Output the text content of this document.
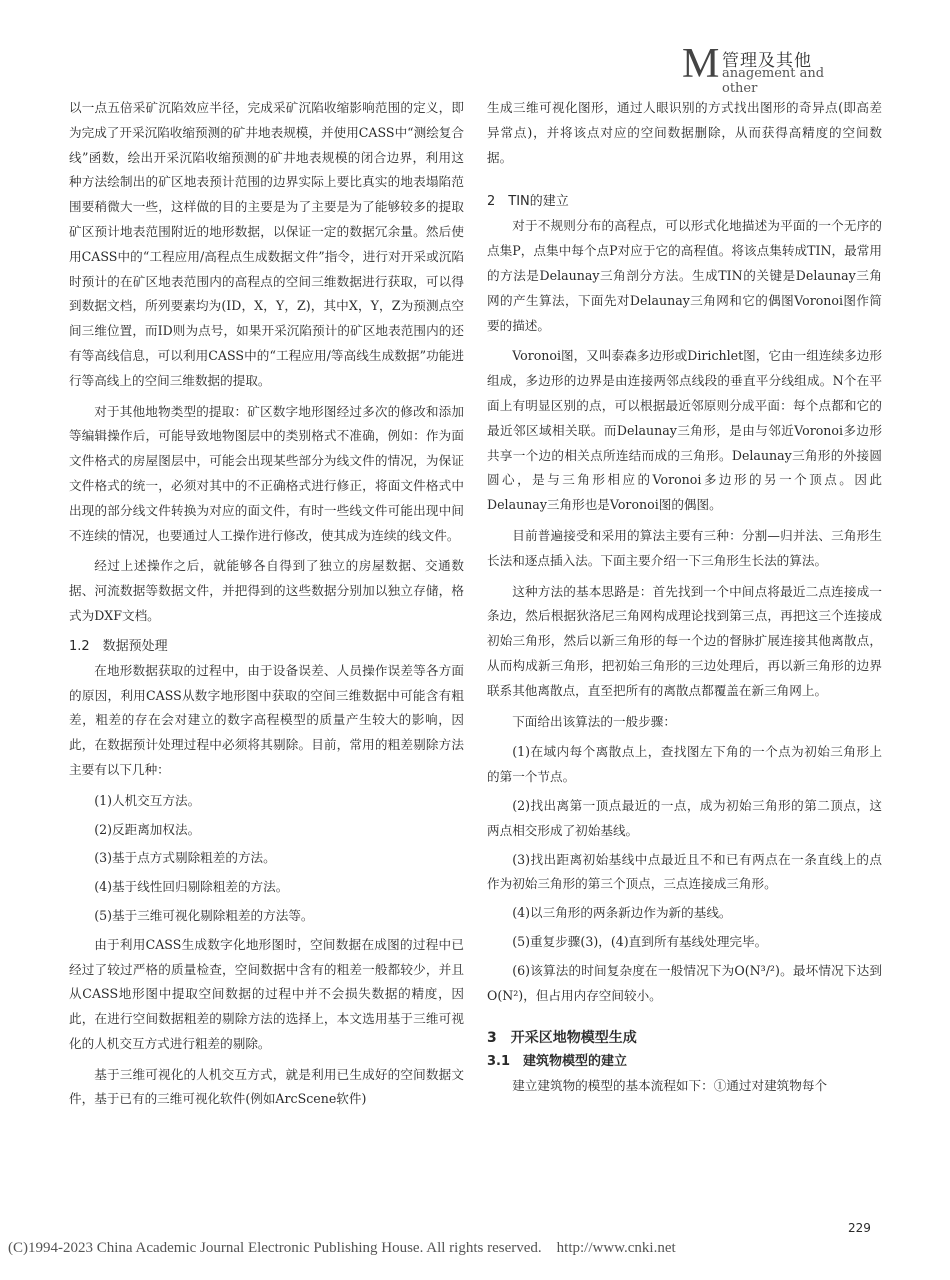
M 管理及其他
anagement and other

以一点五倍采矿沉陷效应半径，完成采矿沉陷收缩影响范围的定义，即为完成了开采沉陷收缩预测的矿井地表规模，并使用CASS中“测绘复合线”函数，绘出开采沉陷收缩预测的矿井地表规模的闭合边界，利用这种方法绘制出的矿区地表预计范围的边界实际上要比真实的地表塌陷范围要稍微大一些，这样做的目的主要是为了主要是为了能够较多的提取矿区预计地表范围附近的地形数据，以保证一定的数据冗余量。然后使用CASS中的“工程应用/高程点生成数据文件”指令，进行对开采或沉陷时预计的在矿区地表范围内的高程点的空间三维数据进行获取，可以得到数据文档，所列要素均为(ID，X，Y，Z)，其中X，Y，Z为预测点空间三维位置，而ID则为点号，如果开采沉陷预计的矿区地表范围内的还有等高线信息，可以利用CASS中的“工程应用/等高线生成数据”功能进行等高线上的空间三维数据的提取。

对于其他地物类型的提取：矿区数字地形图经过多次的修改和添加等编辑操作后，可能导致地物图层中的类别格式不准确，例如：作为面文件格式的房屋图层中，可能会出现某些部分为线文件的情况，为保证文件格式的统一，必须对其中的不正确格式进行修正，将面文件格式中出现的部分线文件转换为对应的面文件，有时一些线文件可能出现中间不连续的情况，也要通过人工操作进行修改，使其成为连续的线文件。

经过上述操作之后，就能够各自得到了独立的房屋数据、交通数据、河流数据等数据文件，并把得到的这些数据分别加以独立存储，格式为DXF文档。

1.2　数据预处理

在地形数据获取的过程中，由于设备误差、人员操作误差等各方面的原因，利用CASS从数字地形图中获取的空间三维数据中可能含有粗差，粗差的存在会对建立的数字高程模型的质量产生较大的影响，因此，在数据预计处理过程中必须将其剔除。目前，常用的粗差剔除方法主要有以下几种：

(1)人机交互方法。

(2)反距离加权法。

(3)基于点方式剔除粗差的方法。

(4)基于线性回归剔除粗差的方法。

(5)基于三维可视化剔除粗差的方法等。

由于利用CASS生成数字化地形图时，空间数据在成图的过程中已经过了较过严格的质量检查，空间数据中含有的粗差一般都较少，并且从CASS地形图中提取空间数据的过程中并不会损失数据的精度，因此，在进行空间数据粗差的剔除方法的选择上，本文选用基于三维可视化的人机交互方式进行粗差的剔除。

基于三维可视化的人机交互方式，就是利用已生成好的空间数据文件，基于已有的三维可视化软件(例如ArcScene软件)

生成三维可视化图形，通过人眼识别的方式找出图形的奇异点(即高差异常点)，并将该点对应的空间数据删除，从而获得高精度的空间数据。

2　TIN的建立

对于不规则分布的高程点，可以形式化地描述为平面的一个无序的点集P，点集中每个点P对应于它的高程值。将该点集转成TIN，最常用的方法是Delaunay三角剖分方法。生成TIN的关键是Delaunay三角网的产生算法，下面先对Delaunay三角网和它的偶图Voronoi图作简要的描述。

Voronoi图，又叫泰森多边形或Dirichlet图，它由一组连续多边形组成，多边形的边界是由连接两邻点线段的垂直平分线组成。N个在平面上有明显区别的点，可以根据最近邻原则分成平面：每个点都和它的最近邻区域相关联。而Delaunay三角形，是由与邻近Voronoi多边形共享一个边的相关点所连结而成的三角形。Delaunay三角形的外接圆圆心，是与三角形相应的Voronoi多边形的另一个顶点。因此Delaunay三角形也是Voronoi图的偶图。

目前普遍接受和采用的算法主要有三种：分割—归并法、三角形生长法和逐点插入法。下面主要介绍一下三角形生长法的算法。

这种方法的基本思路是：首先找到一个中间点将最近二点连接成一条边，然后根据狄洛尼三角网构成理论找到第三点，再把这三个连接成初始三角形，然后以新三角形的每一个边的督脉扩展连接其他离散点，从而构成新三角形，把初始三角形的三边处理后，再以新三角形的边界联系其他离散点，直至把所有的离散点都覆盖在新三角网上。

下面给出该算法的一般步骤：

(1)在域内每个离散点上，查找图左下角的一个点为初始三角形上的第一个节点。

(2)找出离第一顶点最近的一点，成为初始三角形的第二顶点，这两点相交形成了初始基线。

(3)找出距离初始基线中点最近且不和已有两点在一条直线上的点作为初始三角形的第三个顶点，三点连接成三角形。

(4)以三角形的两条新边作为新的基线。

(5)重复步骤(3)，(4)直到所有基线处理完毕。

(6)该算法的时间复杂度在一般情况下为O(N³/²)。最坏情况下达到O(N²)，但占用内存空间较小。

3　开采区地物模型生成
3.1　建筑物模型的建立

建立建筑物的模型的基本流程如下：①通过对建筑物每个

229
(C)1994-2023 China Academic Journal Electronic Publishing House. All rights reserved.　http://www.cnki.net
